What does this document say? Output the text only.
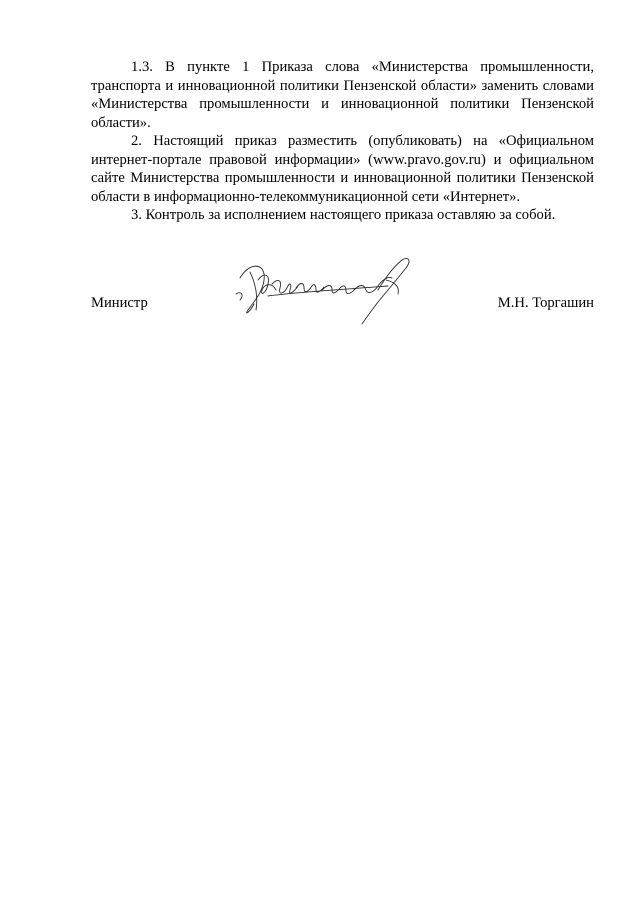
1.3. В пункте 1 Приказа слова «Министерства промышленности, транспорта и инновационной политики Пензенской области» заменить словами «Министерства промышленности и инновационной политики Пензенской области».

2. Настоящий приказ разместить (опубликовать) на «Официальном интернет-портале правовой информации» (www.pravo.gov.ru) и официальном сайте Министерства промышленности и инновационной политики Пензенской области в информационно-телекоммуникационной сети «Интернет».

3. Контроль за исполнением настоящего приказа оставляю за собой.

Министр	М.Н. Торгашин
